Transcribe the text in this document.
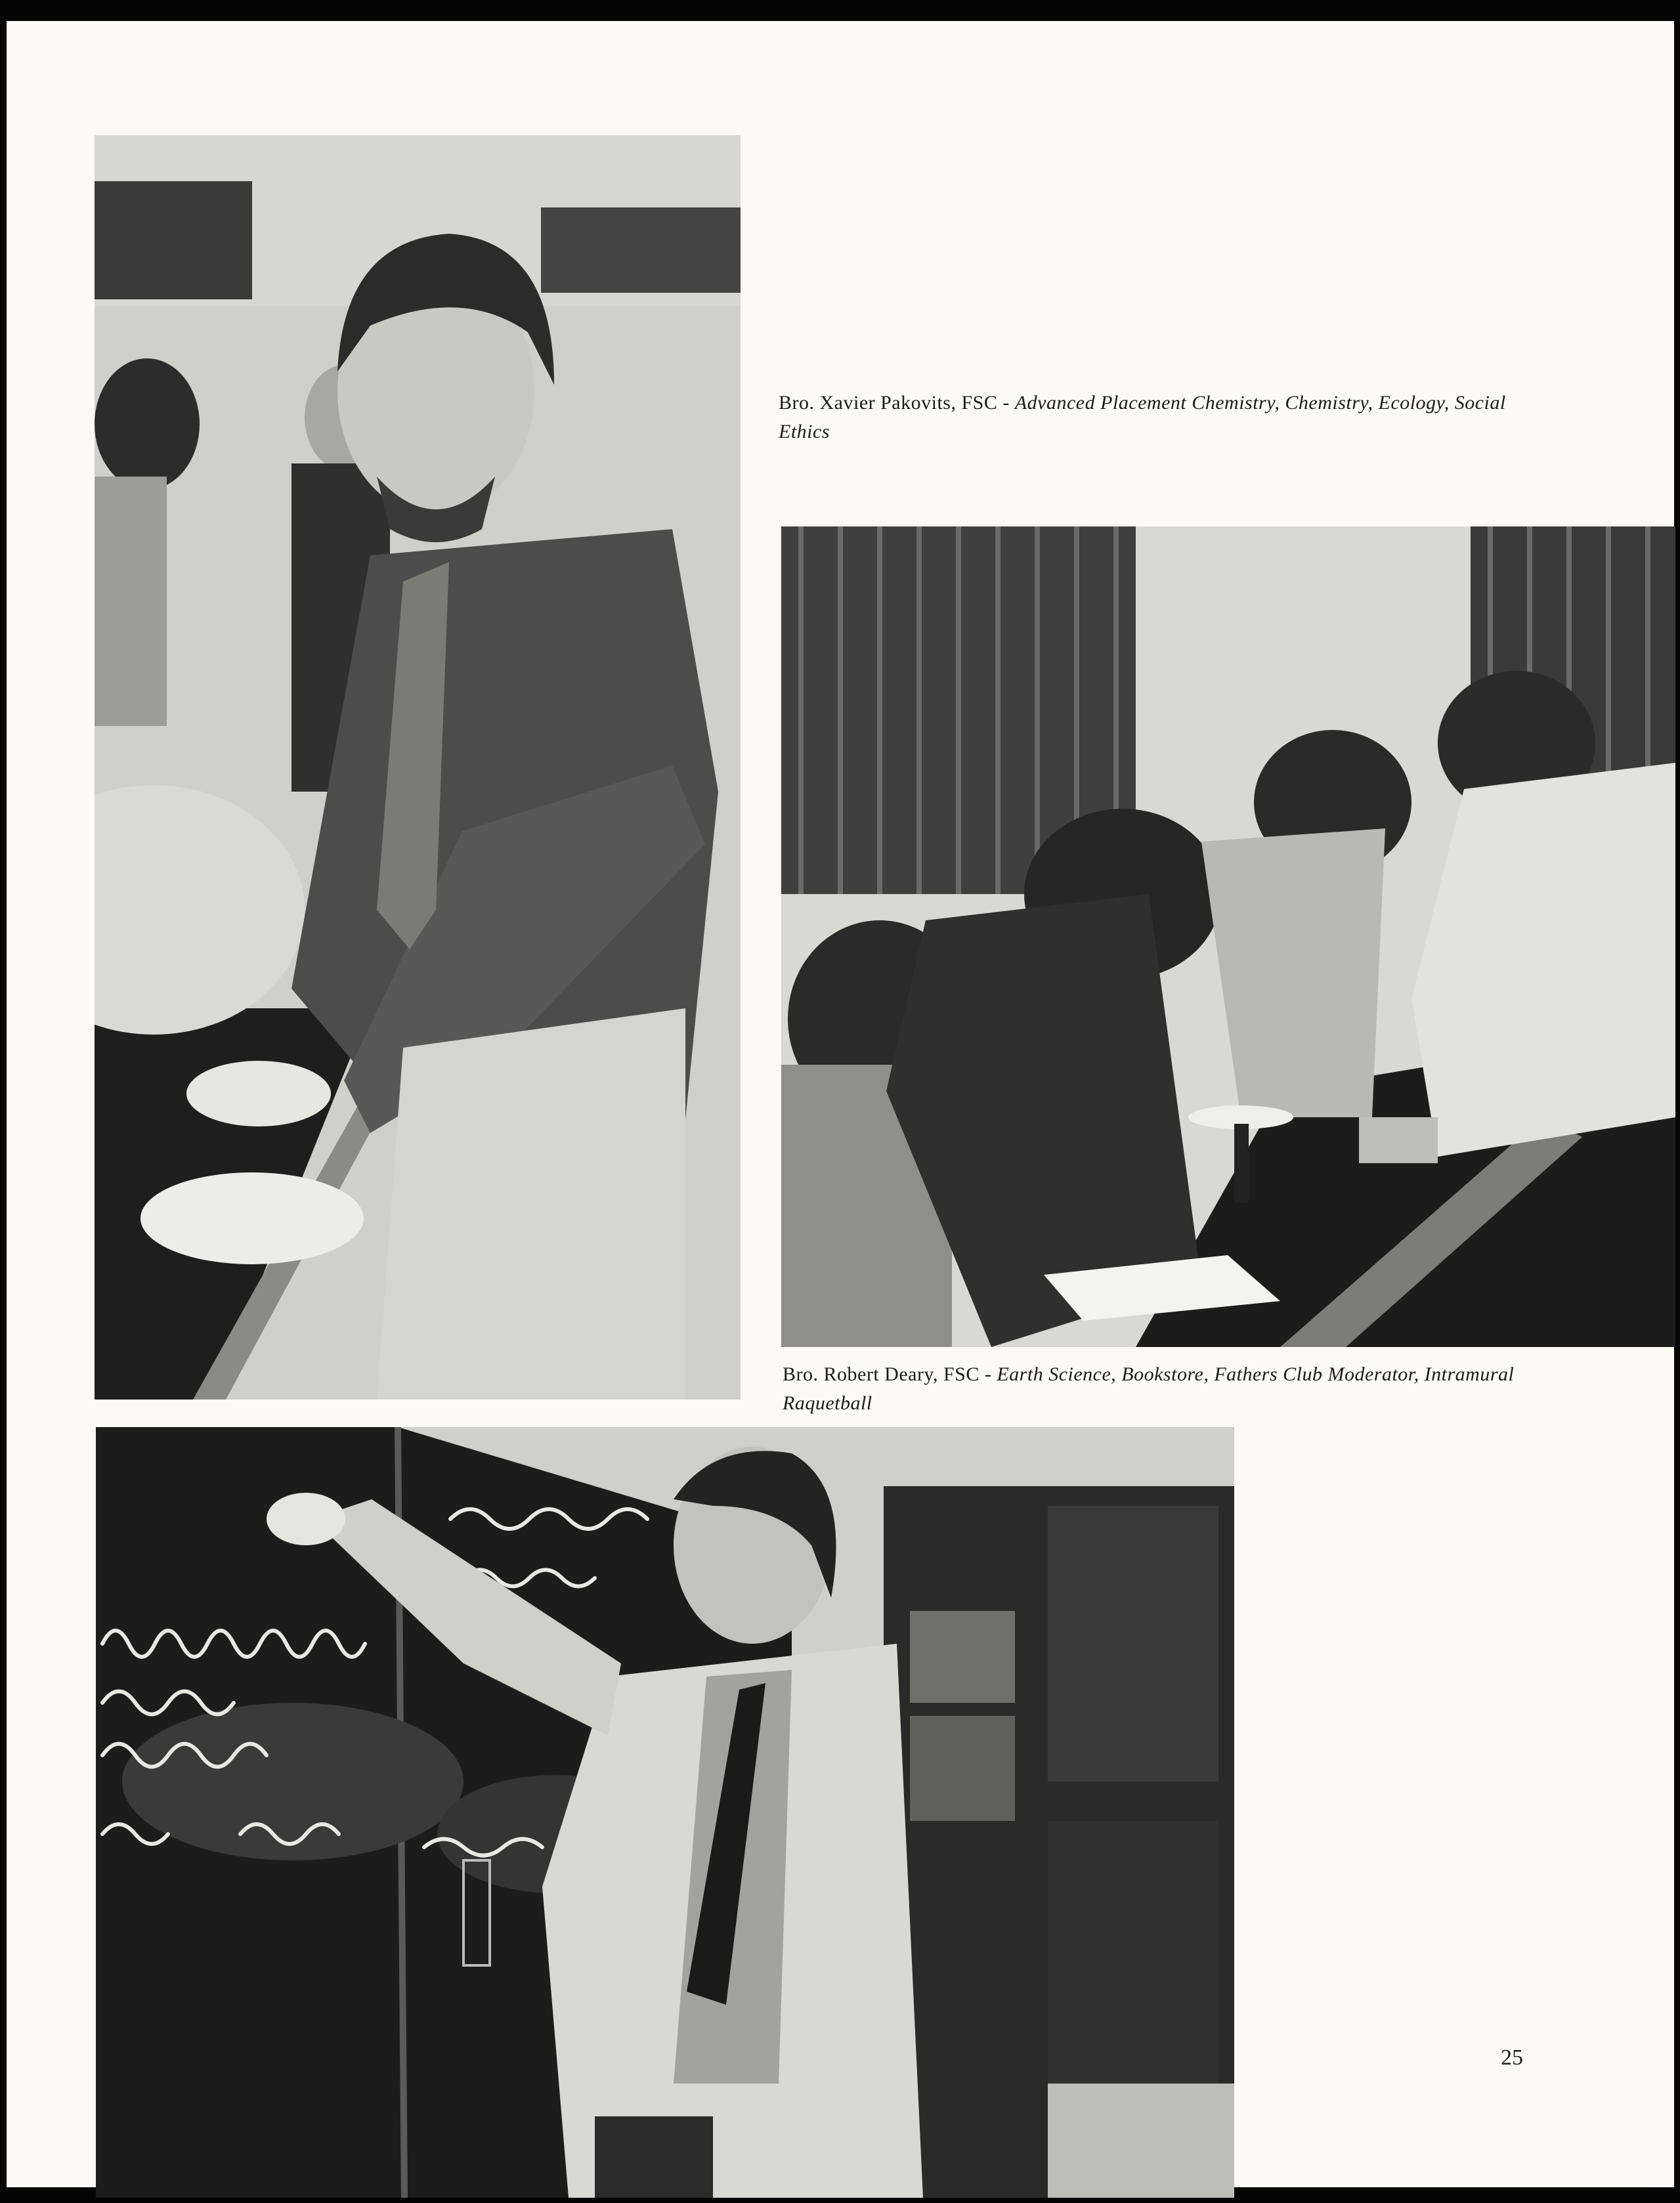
Bro. Xavier Pakovits, FSC - Advanced Placement Chemistry, Chemistry, Ecology, Social Ethics
Bro. Robert Deary, FSC - Earth Science, Bookstore, Fathers Club Moderator, Intramural Raquetball
25
